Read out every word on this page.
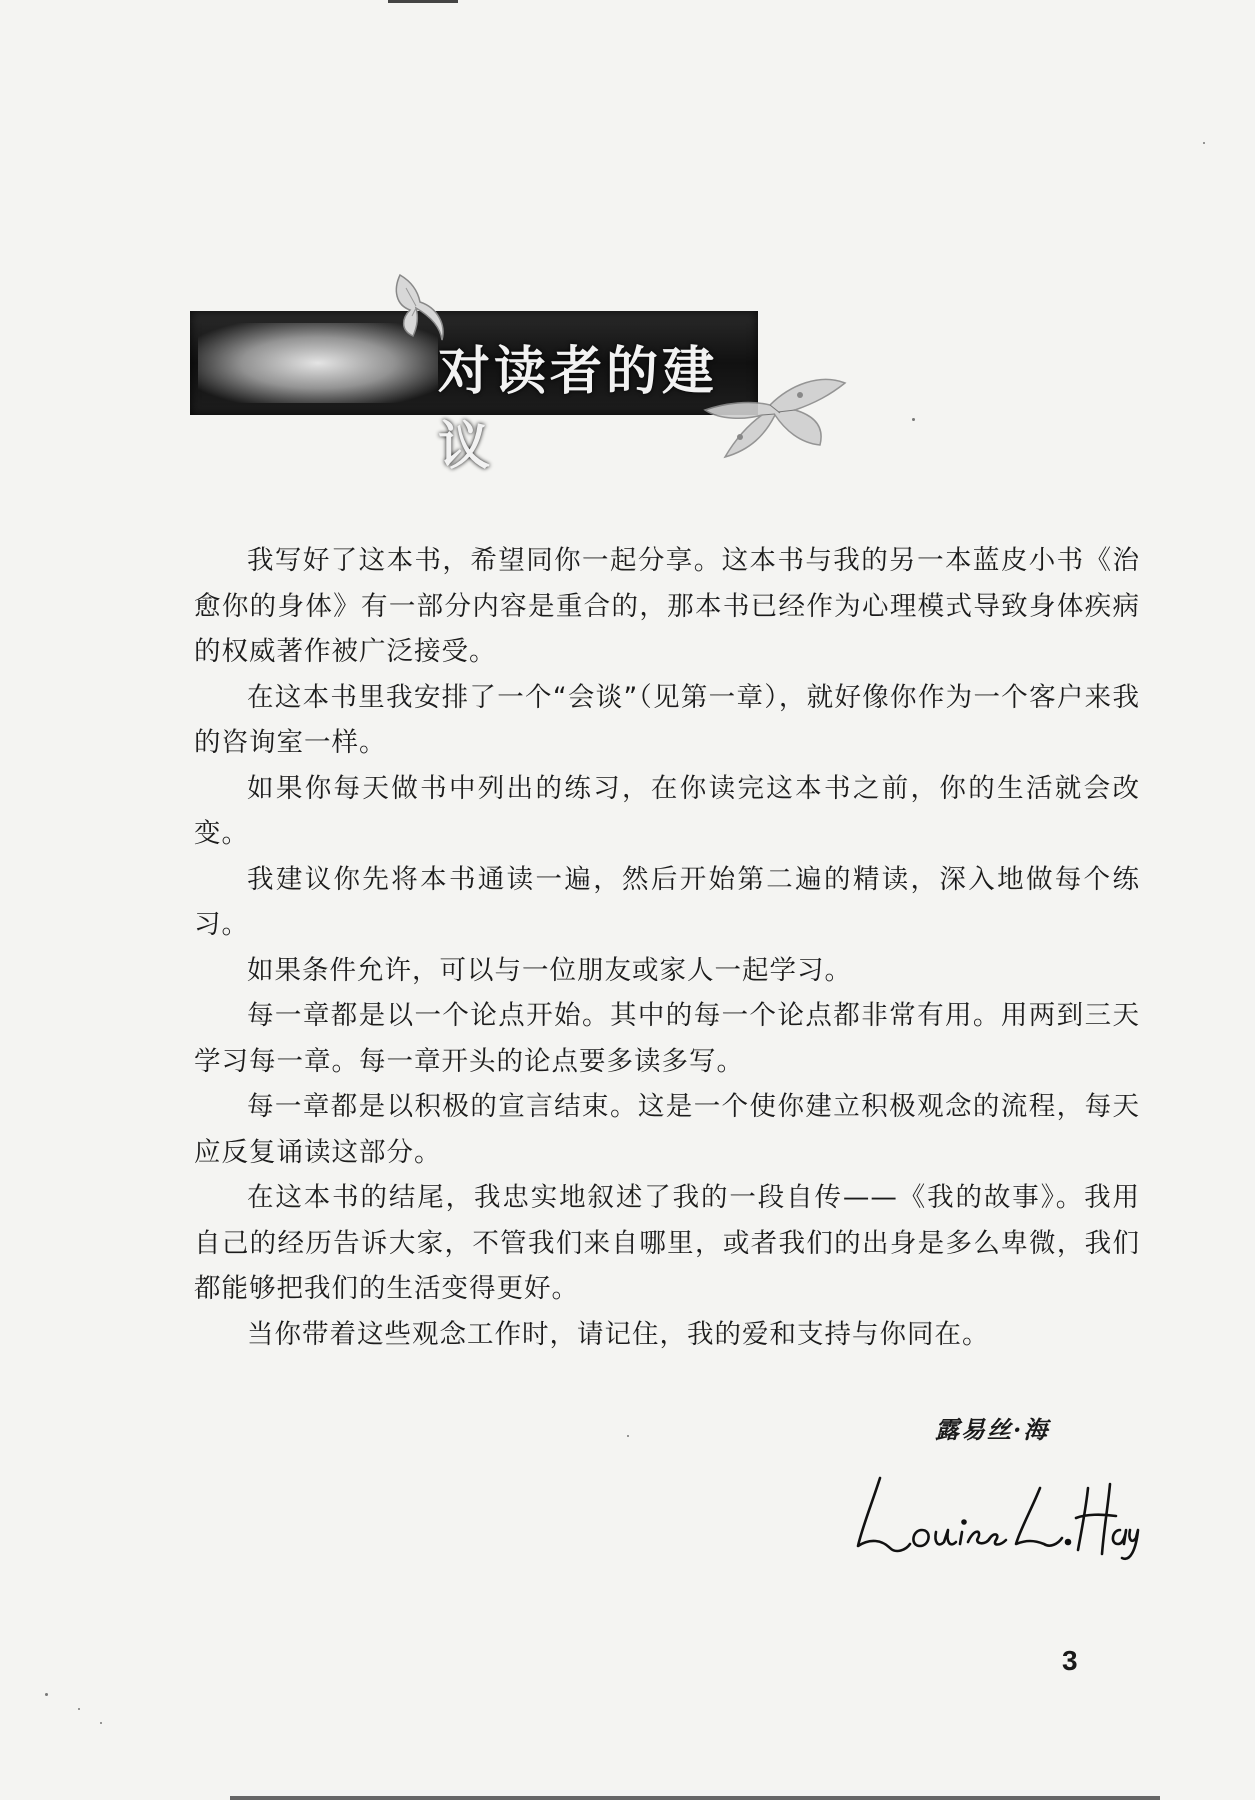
对读者的建议

我写好了这本书，希望同你一起分享。这本书与我的另一本蓝皮小书《治愈你的身体》有一部分内容是重合的，那本书已经作为心理模式导致身体疾病的权威著作被广泛接受。

在这本书里我安排了一个“会谈”（见第一章），就好像你作为一个客户来我的咨询室一样。

如果你每天做书中列出的练习，在你读完这本书之前，你的生活就会改变。

我建议你先将本书通读一遍，然后开始第二遍的精读，深入地做每个练习。

如果条件允许，可以与一位朋友或家人一起学习。

每一章都是以一个论点开始。其中的每一个论点都非常有用。用两到三天学习每一章。每一章开头的论点要多读多写。

每一章都是以积极的宣言结束。这是一个使你建立积极观念的流程，每天应反复诵读这部分。

在这本书的结尾，我忠实地叙述了我的一段自传——《我的故事》。我用自己的经历告诉大家，不管我们来自哪里，或者我们的出身是多么卑微，我们都能够把我们的生活变得更好。

当你带着这些观念工作时，请记住，我的爱和支持与你同在。

露易丝·海
3
